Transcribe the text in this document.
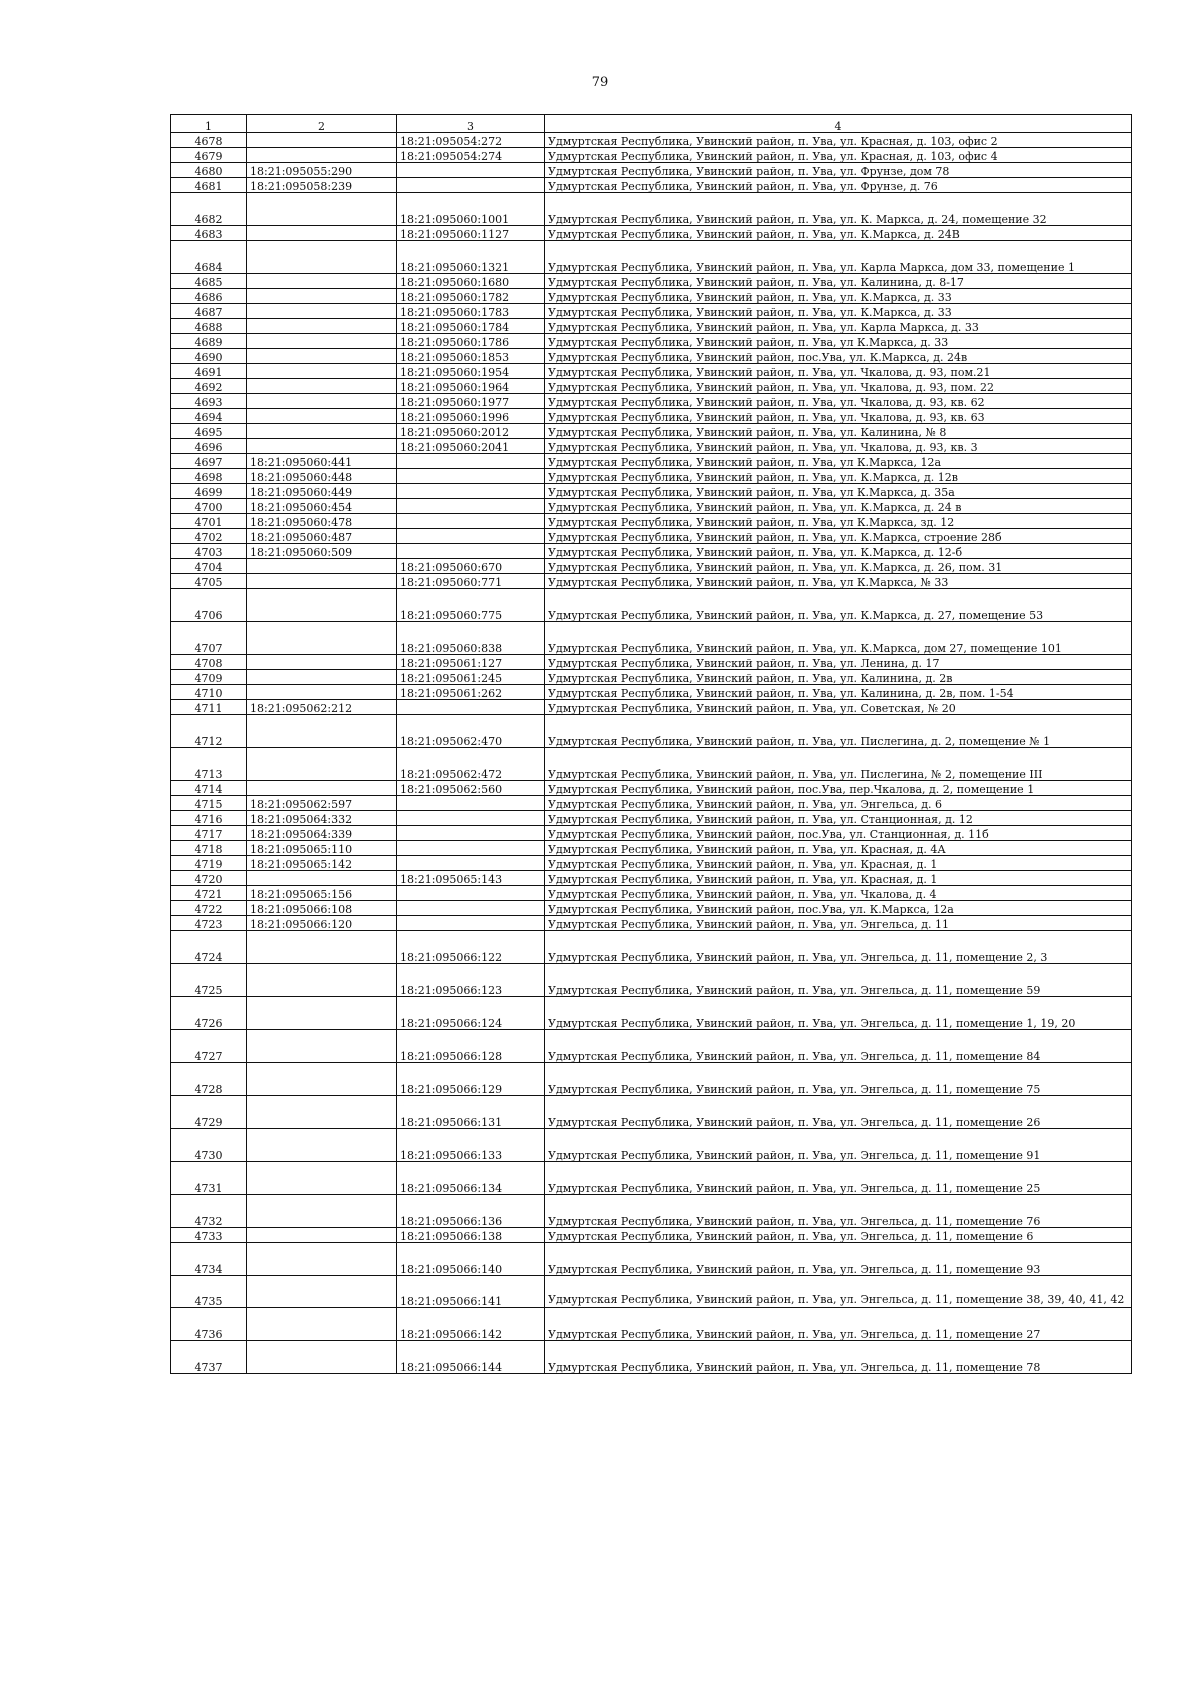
79
1	2	3	4
4678		18:21:095054:272	Удмуртская Республика, Увинский район, п. Ува, ул. Красная, д. 103, офис 2
4679		18:21:095054:274	Удмуртская Республика, Увинский район, п. Ува, ул. Красная, д. 103, офис 4
4680	18:21:095055:290		Удмуртская Республика, Увинский район, п. Ува, ул. Фрунзе, дом 78
4681	18:21:095058:239		Удмуртская Республика, Увинский район, п. Ува, ул. Фрунзе, д. 76
4682		18:21:095060:1001	Удмуртская Республика, Увинский район, п. Ува, ул. К. Маркса, д. 24, помещение 32
4683		18:21:095060:1127	Удмуртская Республика, Увинский район, п. Ува, ул. К.Маркса, д. 24В
4684		18:21:095060:1321	Удмуртская Республика, Увинский район, п. Ува, ул. Карла Маркса, дом 33, помещение 1
4685		18:21:095060:1680	Удмуртская Республика, Увинский район, п. Ува, ул. Калинина, д. 8-17
4686		18:21:095060:1782	Удмуртская Республика, Увинский район, п. Ува, ул. К.Маркса, д. 33
4687		18:21:095060:1783	Удмуртская Республика, Увинский район, п. Ува, ул. К.Маркса, д. 33
4688		18:21:095060:1784	Удмуртская Республика, Увинский район, п. Ува, ул. Карла Маркса, д. 33
4689		18:21:095060:1786	Удмуртская Республика, Увинский район, п. Ува, ул К.Маркса, д. 33
4690		18:21:095060:1853	Удмуртская Республика, Увинский район, пос.Ува, ул. К.Маркса, д. 24в
4691		18:21:095060:1954	Удмуртская Республика, Увинский район, п. Ува, ул. Чкалова, д. 93, пом.21
4692		18:21:095060:1964	Удмуртская Республика, Увинский район, п. Ува, ул. Чкалова, д. 93, пом. 22
4693		18:21:095060:1977	Удмуртская Республика, Увинский район, п. Ува, ул. Чкалова, д. 93, кв. 62
4694		18:21:095060:1996	Удмуртская Республика, Увинский район, п. Ува, ул. Чкалова, д. 93, кв. 63
4695		18:21:095060:2012	Удмуртская Республика, Увинский район, п. Ува, ул. Калинина, № 8
4696		18:21:095060:2041	Удмуртская Республика, Увинский район, п. Ува, ул. Чкалова, д. 93, кв. 3
4697	18:21:095060:441		Удмуртская Республика, Увинский район, п. Ува, ул К.Маркса, 12а
4698	18:21:095060:448		Удмуртская Республика, Увинский район, п. Ува, ул. К.Маркса, д. 12в
4699	18:21:095060:449		Удмуртская Республика, Увинский район, п. Ува, ул К.Маркса, д. 35а
4700	18:21:095060:454		Удмуртская Республика, Увинский район, п. Ува, ул. К.Маркса, д. 24 в
4701	18:21:095060:478		Удмуртская Республика, Увинский район, п. Ува, ул К.Маркса, зд. 12
4702	18:21:095060:487		Удмуртская Республика, Увинский район, п. Ува, ул. К.Маркса, строение 28б
4703	18:21:095060:509		Удмуртская Республика, Увинский район, п. Ува, ул. К.Маркса, д. 12-б
4704		18:21:095060:670	Удмуртская Республика, Увинский район, п. Ува, ул. К.Маркса, д. 26, пом. 31
4705		18:21:095060:771	Удмуртская Республика, Увинский район, п. Ува, ул К.Маркса, № 33
4706		18:21:095060:775	Удмуртская Республика, Увинский район, п. Ува, ул. К.Маркса, д. 27, помещение 53
4707		18:21:095060:838	Удмуртская Республика, Увинский район, п. Ува, ул. К.Маркса, дом 27, помещение 101
4708		18:21:095061:127	Удмуртская Республика, Увинский район, п. Ува, ул. Ленина, д. 17
4709		18:21:095061:245	Удмуртская Республика, Увинский район, п. Ува, ул. Калинина, д. 2в
4710		18:21:095061:262	Удмуртская Республика, Увинский район, п. Ува, ул. Калинина, д. 2в, пом. 1-54
4711	18:21:095062:212		Удмуртская Республика, Увинский район, п. Ува, ул. Советская, № 20
4712		18:21:095062:470	Удмуртская Республика, Увинский район, п. Ува, ул. Пислегина, д. 2, помещение № 1
4713		18:21:095062:472	Удмуртская Республика, Увинский район, п. Ува, ул. Пислегина, № 2, помещение III
4714		18:21:095062:560	Удмуртская Республика, Увинский район, пос.Ува, пер.Чкалова, д. 2, помещение 1
4715	18:21:095062:597		Удмуртская Республика, Увинский район, п. Ува, ул. Энгельса, д. 6
4716	18:21:095064:332		Удмуртская Республика, Увинский район, п. Ува, ул. Станционная, д. 12
4717	18:21:095064:339		Удмуртская Республика, Увинский район, пос.Ува, ул. Станционная, д. 11б
4718	18:21:095065:110		Удмуртская Республика, Увинский район, п. Ува, ул. Красная, д. 4А
4719	18:21:095065:142		Удмуртская Республика, Увинский район, п. Ува, ул. Красная, д. 1
4720		18:21:095065:143	Удмуртская Республика, Увинский район, п. Ува, ул. Красная, д. 1
4721	18:21:095065:156		Удмуртская Республика, Увинский район, п. Ува, ул. Чкалова, д. 4
4722	18:21:095066:108		Удмуртская Республика, Увинский район, пос.Ува, ул. К.Маркса, 12а
4723	18:21:095066:120		Удмуртская Республика, Увинский район, п. Ува, ул. Энгельса, д. 11
4724		18:21:095066:122	Удмуртская Республика, Увинский район, п. Ува, ул. Энгельса, д. 11, помещение 2, 3
4725		18:21:095066:123	Удмуртская Республика, Увинский район, п. Ува, ул. Энгельса, д. 11, помещение 59
4726		18:21:095066:124	Удмуртская Республика, Увинский район, п. Ува, ул. Энгельса, д. 11, помещение 1, 19, 20
4727		18:21:095066:128	Удмуртская Республика, Увинский район, п. Ува, ул. Энгельса, д. 11, помещение 84
4728		18:21:095066:129	Удмуртская Республика, Увинский район, п. Ува, ул. Энгельса, д. 11, помещение 75
4729		18:21:095066:131	Удмуртская Республика, Увинский район, п. Ува, ул. Энгельса, д. 11, помещение 26
4730		18:21:095066:133	Удмуртская Республика, Увинский район, п. Ува, ул. Энгельса, д. 11, помещение 91
4731		18:21:095066:134	Удмуртская Республика, Увинский район, п. Ува, ул. Энгельса, д. 11, помещение 25
4732		18:21:095066:136	Удмуртская Республика, Увинский район, п. Ува, ул. Энгельса, д. 11, помещение 76
4733		18:21:095066:138	Удмуртская Республика, Увинский район, п. Ува, ул. Энгельса, д. 11, помещение 6
4734		18:21:095066:140	Удмуртская Республика, Увинский район, п. Ува, ул. Энгельса, д. 11, помещение 93
4735		18:21:095066:141	Удмуртская Республика, Увинский район, п. Ува, ул. Энгельса, д. 11, помещение 38, 39, 40, 41, 42
4736		18:21:095066:142	Удмуртская Республика, Увинский район, п. Ува, ул. Энгельса, д. 11, помещение 27
4737		18:21:095066:144	Удмуртская Республика, Увинский район, п. Ува, ул. Энгельса, д. 11, помещение 78
